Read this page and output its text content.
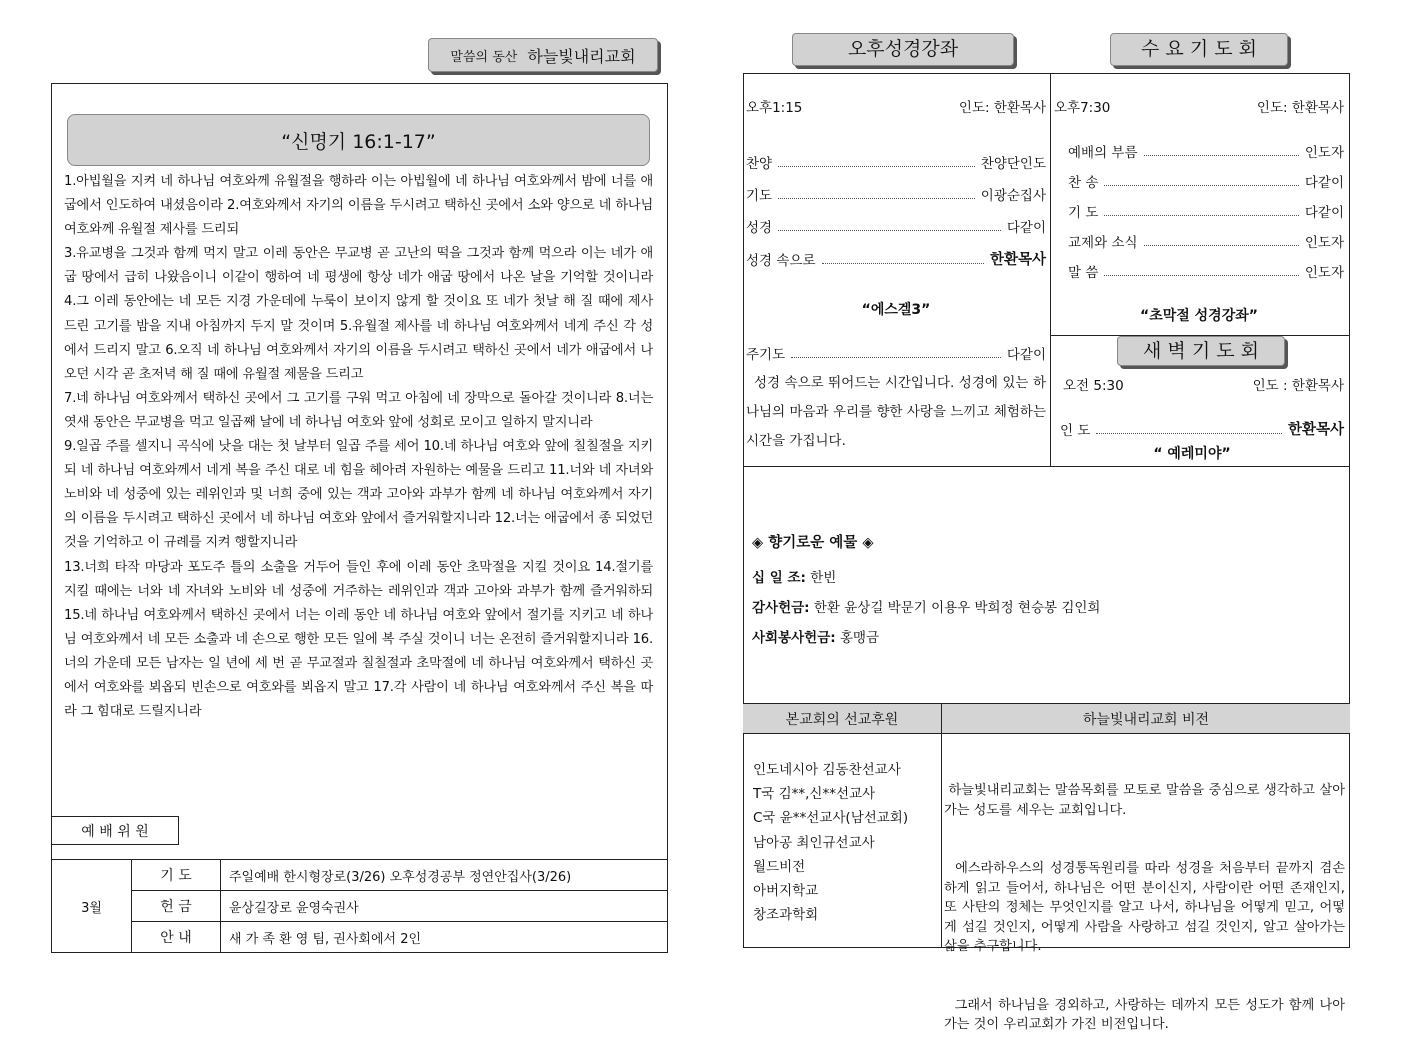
말씀의 동산 하늘빛내리교회
“신명기 16:1-17”

1.아빕월을 지켜 네 하나님 여호와께 유월절을 행하라 이는 아빕월에 네 하나님 여호와께서 밤에 너를 애굽에서 인도하여 내셨음이라 2.여호와께서 자기의 이름을 두시려고 택하신 곳에서 소와 양으로 네 하나님 여호와께 유월절 제사를 드리되

3.유교병을 그것과 함께 먹지 말고 이레 동안은 무교병 곧 고난의 떡을 그것과 함께 먹으라 이는 네가 애굽 땅에서 급히 나왔음이니 이같이 행하여 네 평생에 항상 네가 애굽 땅에서 나온 날을 기억할 것이니라 4.그 이레 동안에는 네 모든 지경 가운데에 누룩이 보이지 않게 할 것이요 또 네가 첫날 해 질 때에 제사 드린 고기를 밤을 지내 아침까지 두지 말 것이며 5.유월절 제사를 네 하나님 여호와께서 네게 주신 각 성에서 드리지 말고 6.오직 네 하나님 여호와께서 자기의 이름을 두시려고 택하신 곳에서 네가 애굽에서 나오던 시각 곧 초저녁 해 질 때에 유월절 제물을 드리고

7.네 하나님 여호와께서 택하신 곳에서 그 고기를 구워 먹고 아침에 네 장막으로 돌아갈 것이니라 8.너는 엿새 동안은 무교병을 먹고 일곱째 날에 네 하나님 여호와 앞에 성회로 모이고 일하지 말지니라

9.일곱 주를 셀지니 곡식에 낫을 대는 첫 날부터 일곱 주를 세어 10.네 하나님 여호와 앞에 칠칠절을 지키되 네 하나님 여호와께서 네게 복을 주신 대로 네 힘을 헤아려 자원하는 예물을 드리고 11.너와 네 자녀와 노비와 네 성중에 있는 레위인과 및 너희 중에 있는 객과 고아와 과부가 함께 네 하나님 여호와께서 자기의 이름을 두시려고 택하신 곳에서 네 하나님 여호와 앞에서 즐거워할지니라 12.너는 애굽에서 종 되었던 것을 기억하고 이 규례를 지켜 행할지니라

13.너희 타작 마당과 포도주 틀의 소출을 거두어 들인 후에 이레 동안 초막절을 지킬 것이요 14.절기를 지킬 때에는 너와 네 자녀와 노비와 네 성중에 거주하는 레위인과 객과 고아와 과부가 함께 즐거워하되 15.네 하나님 여호와께서 택하신 곳에서 너는 이레 동안 네 하나님 여호와 앞에서 절기를 지키고 네 하나님 여호와께서 네 모든 소출과 네 손으로 행한 모든 일에 복 주실 것이니 너는 온전히 즐거워할지니라 16.너의 가운데 모든 남자는 일 년에 세 번 곧 무교절과 칠칠절과 초막절에 네 하나님 여호와께서 택하신 곳에서 여호와를 뵈옵되 빈손으로 여호와를 뵈옵지 말고 17.각 사람이 네 하나님 여호와께서 주신 복을 따라 그 힘대로 드릴지니라

예 배 위 원
3월
기 도	주일예배 한시형장로(3/26) 오후성경공부 정연안집사(3/26)
헌 금	윤상길장로 윤영숙권사
안 내	새 가 족 환 영 팀, 권사회에서 2인
오후성경강좌	수 요 기 도 회
오후1:15	인도: 한환목사
찬양	찬양단인도
기도	이광순집사
성경	다같이
성경 속으로	한환목사
“에스겔3”
주기도	다같이
성경 속으로 뛰어드는 시간입니다. 성경에 있는 하나님의 마음과 우리를 향한 사랑을 느끼고 체험하는 시간을 가집니다.
오후7:30	인도: 한환목사
예배의 부름	인도자
찬 송	다같이
기 도	다같이
교제와 소식	인도자
말 씀	인도자
“초막절 성경강좌”
새 벽 기 도 회
오전 5:30	인도 : 한환목사
인 도	한환목사
“ 예레미야”
◈ 향기로운 예물 ◈
십 일 조: 한빈
감사헌금: 한환 윤상길 박문기 이용우 박희정 현승봉 김인희
사회봉사헌금: 홍맹금
본교회의 선교후원	하늘빛내리교회 비전
인도네시아 김동찬선교사
T국 김**,신**선교사
C국 윤**선교사(남선교회)
남아공 최인규선교사
월드비전
아버지학교
창조과학회

하늘빛내리교회는 말씀목회를 모토로 말씀을 중심으로 생각하고 살아가는 성도를 세우는 교회입니다.

에스라하우스의 성경통독원리를 따라 성경을 처음부터 끝까지 겸손하게 읽고 들어서, 하나님은 어떤 분이신지, 사람이란 어떤 존재인지, 또 사탄의 정체는 무엇인지를 알고 나서, 하나님을 어떻게 믿고, 어떻게 섬길 것인지, 어떻게 사람을 사랑하고 섬길 것인지, 알고 살아가는 삶을 추구합니다.

그래서 하나님을 경외하고, 사랑하는 데까지 모든 성도가 함께 나아가는 것이 우리교회가 가진 비전입니다.
